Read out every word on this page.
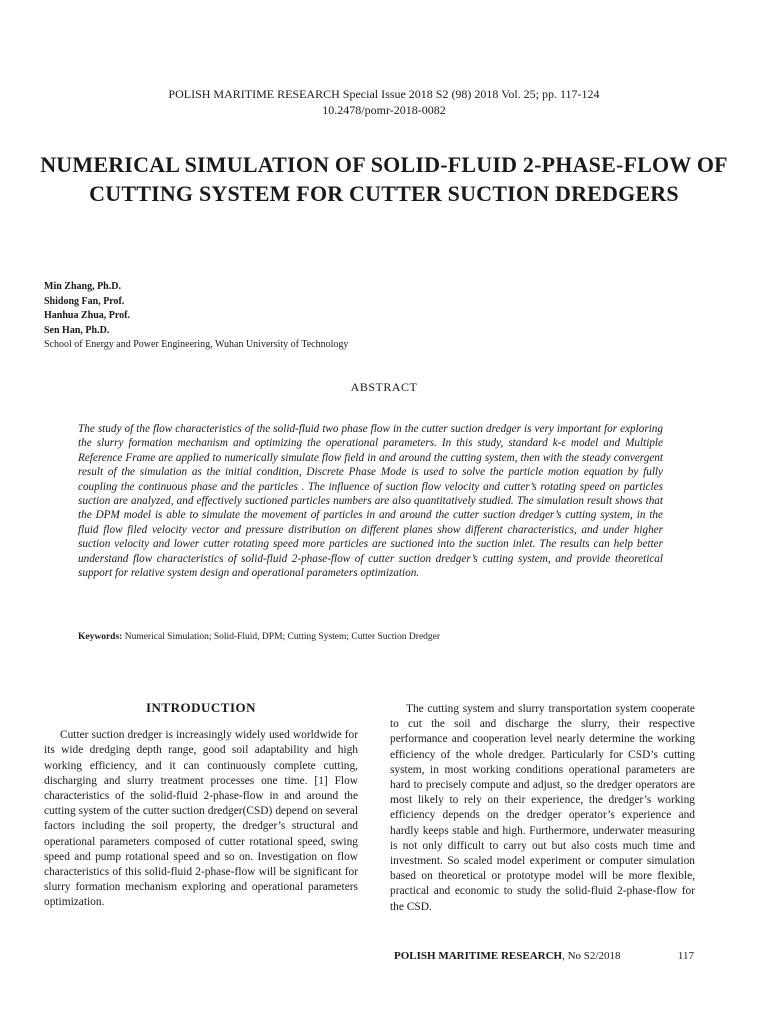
POLISH MARITIME RESEARCH Special Issue 2018 S2 (98) 2018 Vol. 25; pp. 117-124
10.2478/pomr-2018-0082
NUMERICAL SIMULATION OF SOLID-FLUID 2-PHASE-FLOW OF CUTTING SYSTEM FOR CUTTER SUCTION DREDGERS
Min Zhang, Ph.D.
Shidong Fan, Prof.
Hanhua Zhua, Prof.
Sen Han, Ph.D.
School of Energy and Power Engineering, Wuhan University of Technology
ABSTRACT
The study of the flow characteristics of the solid-fluid two phase flow in the cutter suction dredger is very important for exploring the slurry formation mechanism and optimizing the operational parameters. In this study, standard k-ε model and Multiple Reference Frame are applied to numerically simulate flow field in and around the cutting system, then with the steady convergent result of the simulation as the initial condition, Discrete Phase Mode is used to solve the particle motion equation by fully coupling the continuous phase and the particles . The influence of suction flow velocity and cutter’s rotating speed on particles suction are analyzed, and effectively suctioned particles numbers are also quantitatively studied. The simulation result shows that the DPM model is able to simulate the movement of particles in and around the cutter suction dredger’s cutting system, in the fluid flow filed velocity vector and pressure distribution on different planes show different characteristics, and under higher suction velocity and lower cutter rotating speed more particles are suctioned into the suction inlet. The results can help better understand flow characteristics of solid-fluid 2-phase-flow of cutter suction dredger’s cutting system, and provide theoretical support for relative system design and operational parameters optimization.
Keywords: Numerical Simulation; Solid-Fluid, DPM; Cutting System; Cutter Suction Dredger
INTRODUCTION

Cutter suction dredger is increasingly widely used worldwide for its wide dredging depth range, good soil adaptability and high working efficiency, and it can continuously complete cutting, discharging and slurry treatment processes one time. [1] Flow characteristics of the solid-fluid 2-phase-flow in and around the cutting system of the cutter suction dredger(CSD) depend on several factors including the soil property, the dredger’s structural and operational parameters composed of cutter rotational speed, swing speed and pump rotational speed and so on. Investigation on flow characteristics of this solid-fluid 2-phase-flow will be significant for slurry formation mechanism exploring and operational parameters optimization.

The cutting system and slurry transportation system cooperate to cut the soil and discharge the slurry, their respective performance and cooperation level nearly determine the working efficiency of the whole dredger. Particularly for CSD’s cutting system, in most working conditions operational parameters are hard to precisely compute and adjust, so the dredger operators are most likely to rely on their experience, the dredger’s working efficiency depends on the dredger operator’s experience and hardly keeps stable and high. Furthermore, underwater measuring is not only difficult to carry out but also costs much time and investment. So scaled model experiment or computer simulation based on theoretical or prototype model will be more flexible, practical and economic to study the solid-fluid 2-phase-flow for the CSD.

POLISH MARITIME RESEARCH, No S2/2018	117
